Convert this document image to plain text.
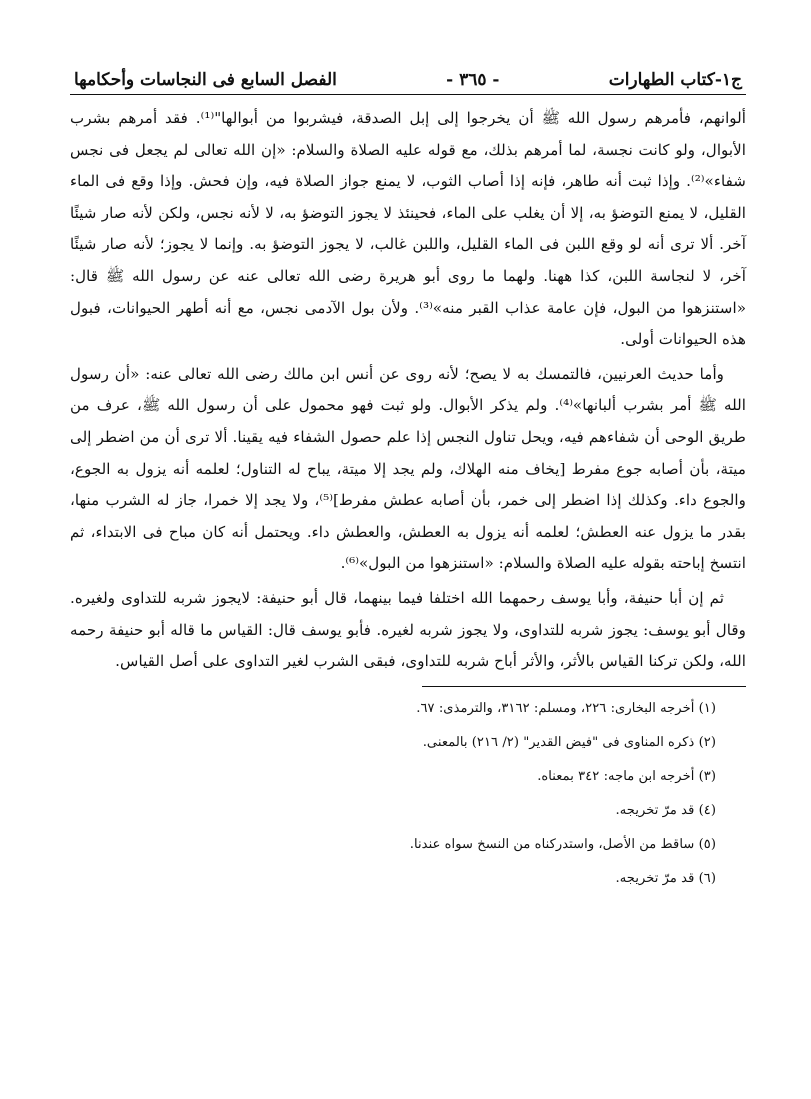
ج١-كتاب الطهارات
- ٣٦٥ -
الفصل السابع فى النجاسات وأحكامها

ألوانهم، فأمرهم رسول الله ﷺ أن يخرجوا إلى إبل الصدقة، فيشربوا من أبوالها"⁽¹⁾. فقد أمرهم بشرب الأبوال، ولو كانت نجسة، لما أمرهم بذلك، مع قوله عليه الصلاة والسلام: «إن الله تعالى لم يجعل فى نجس شفاء»⁽²⁾. وإذا ثبت أنه طاهر، فإنه إذا أصاب الثوب، لا يمنع جواز الصلاة فيه، وإن فحش. وإذا وقع فى الماء القليل، لا يمنع التوضؤ به، إلا أن يغلب على الماء، فحينئذ لا يجوز التوضؤ به، لا لأنه نجس، ولكن لأنه صار شيئًا آخر. ألا ترى أنه لو وقع اللبن فى الماء القليل، واللبن غالب، لا يجوز التوضؤ به. وإنما لا يجوز؛ لأنه صار شيئًا آخر، لا لنجاسة اللبن، كذا ههنا. ولهما ما روى أبو هريرة رضى الله تعالى عنه عن رسول الله ﷺ قال: «استنزهوا من البول، فإن عامة عذاب القبر منه»⁽³⁾. ولأن بول الآدمى نجس، مع أنه أطهر الحيوانات، فبول هذه الحيوانات أولى.

وأما حديث العرنيين، فالتمسك به لا يصح؛ لأنه روى عن أنس ابن مالك رضى الله تعالى عنه: «أن رسول الله ﷺ أمر بشرب ألبانها»⁽⁴⁾. ولم يذكر الأبوال. ولو ثبت فهو محمول على أن رسول الله ﷺ، عرف من طريق الوحى أن شفاءهم فيه، ويحل تناول النجس إذا علم حصول الشفاء فيه يقينا. ألا ترى أن من اضطر إلى ميتة، بأن أصابه جوع مفرط [يخاف منه الهلاك، ولم يجد إلا ميتة، يباح له التناول؛ لعلمه أنه يزول به الجوع، والجوع داء. وكذلك إذا اضطر إلى خمر، بأن أصابه عطش مفرط]⁽⁵⁾، ولا يجد إلا خمرا، جاز له الشرب منها، بقدر ما يزول عنه العطش؛ لعلمه أنه يزول به العطش، والعطش داء. ويحتمل أنه كان مباح فى الابتداء، ثم انتسخ إباحته بقوله عليه الصلاة والسلام: «استنزهوا من البول»⁽⁶⁾.

ثم إن أبا حنيفة، وأبا يوسف رحمهما الله اختلفا فيما بينهما، قال أبو حنيفة: لايجوز شربه للتداوى ولغيره. وقال أبو يوسف: يجوز شربه للتداوى، ولا يجوز شربه لغيره. فأبو يوسف قال: القياس ما قاله أبو حنيفة رحمه الله، ولكن تركنا القياس بالأثر، والأثر أباح شربه للتداوى، فبقى الشرب لغير التداوى على أصل القياس.

(١) أخرجه البخارى: ٢٢٦، ومسلم: ٣١٦٢، والترمذى: ٦٧.
(٢) ذكره المناوى فى "فيض القدير" (٢/ ٢١٦) بالمعنى.
(٣) أخرجه ابن ماجه: ٣٤٢ بمعناه.
(٤) قد مرّ تخريجه.
(٥) ساقط من الأصل، واستدركناه من النسخ سواه عندنا.
(٦) قد مرّ تخريجه.
